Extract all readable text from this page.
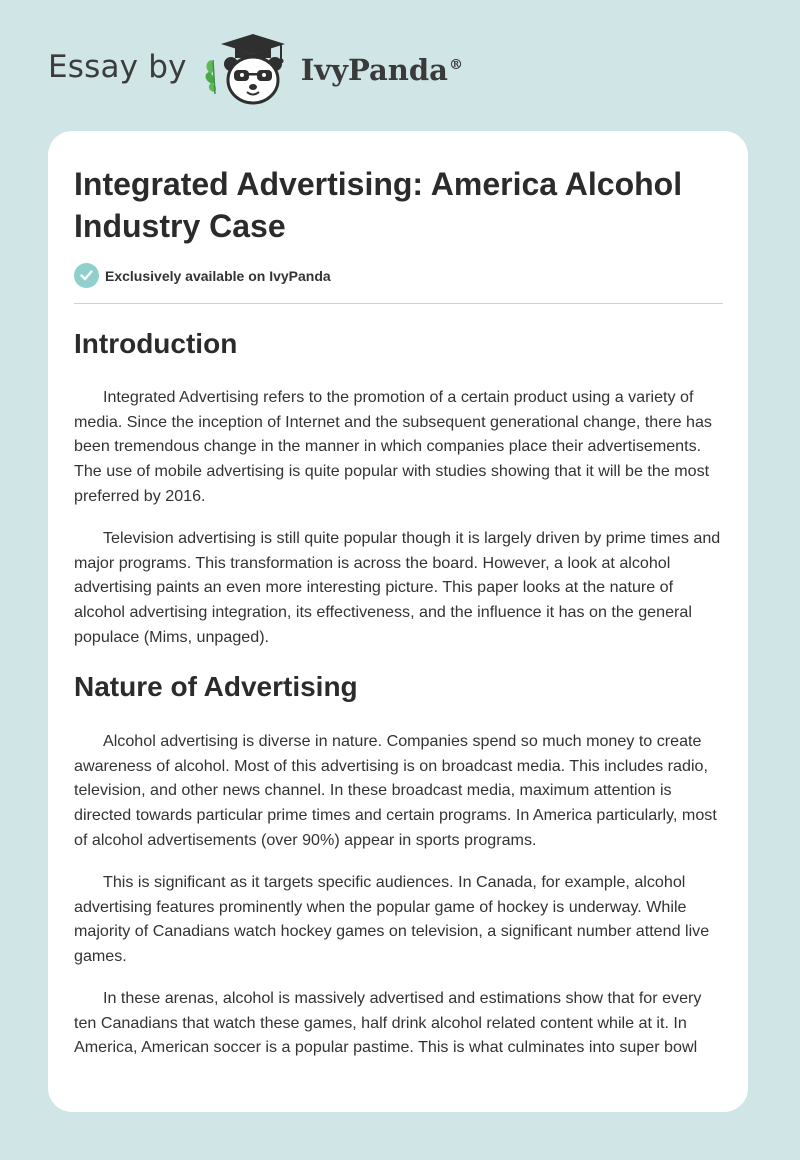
Essay by	IvyPanda®
Integrated Advertising: America Alcohol Industry Case
Exclusively available on IvyPanda
Introduction

Integrated Advertising refers to the promotion of a certain product using a variety of media. Since the inception of Internet and the subsequent generational change, there has been tremendous change in the manner in which companies place their advertisements. The use of mobile advertising is quite popular with studies showing that it will be the most preferred by 2016.

Television advertising is still quite popular though it is largely driven by prime times and major programs. This transformation is across the board. However, a look at alcohol advertising paints an even more interesting picture. This paper looks at the nature of alcohol advertising integration, its effectiveness, and the influence it has on the general populace (Mims, unpaged).

Nature of Advertising

Alcohol advertising is diverse in nature. Companies spend so much money to create awareness of alcohol. Most of this advertising is on broadcast media. This includes radio, television, and other news channel. In these broadcast media, maximum attention is directed towards particular prime times and certain programs. In America particularly, most of alcohol advertisements (over 90%) appear in sports programs.

This is significant as it targets specific audiences. In Canada, for example, alcohol advertising features prominently when the popular game of hockey is underway. While majority of Canadians watch hockey games on television, a significant number attend live games.

In these arenas, alcohol is massively advertised and estimations show that for every ten Canadians that watch these games, half drink alcohol related content while at it. In America, American soccer is a popular pastime. This is what culminates into super bowl
